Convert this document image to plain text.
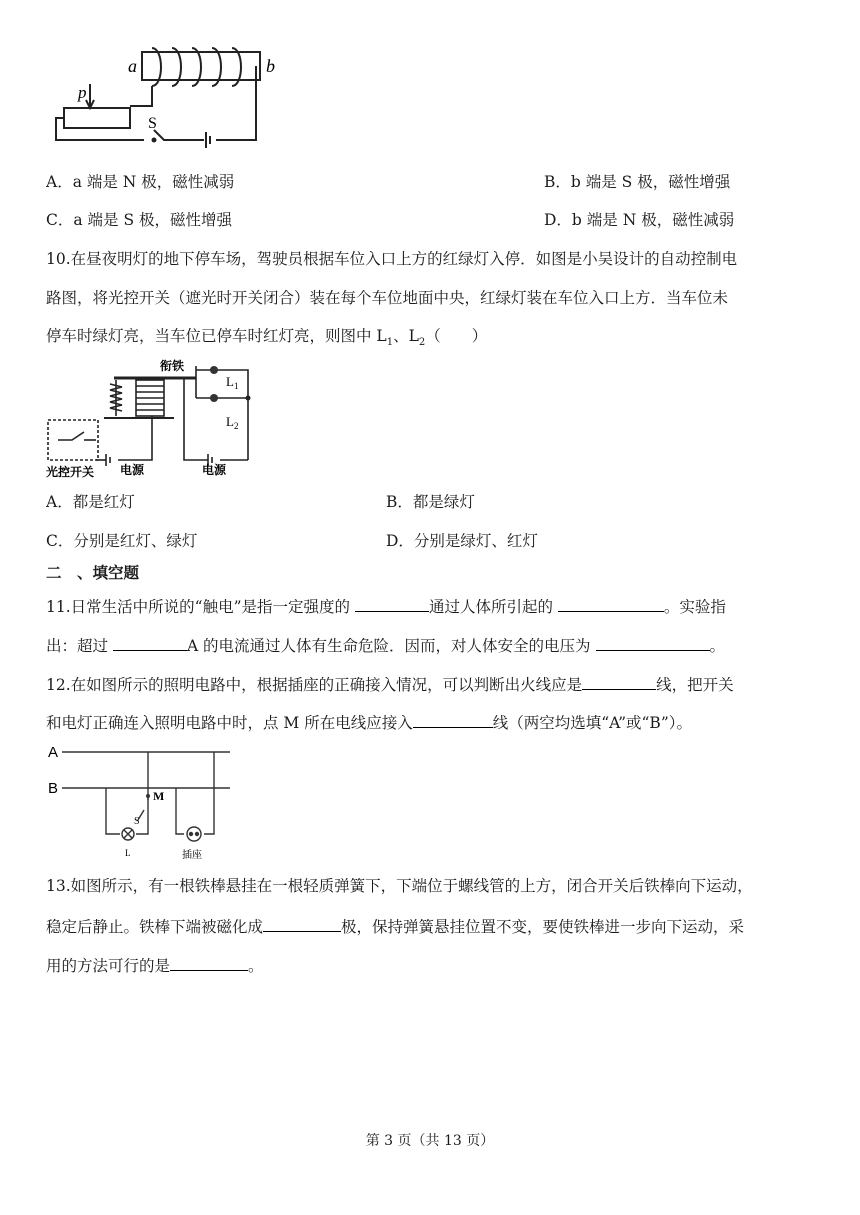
a	b
p
S
A．a 端是 N 极，磁性减弱	B．b 端是 S 极，磁性增强
C．a 端是 S 极，磁性增强	D．b 端是 N 极，磁性减弱
10.在昼夜明灯的地下停车场，驾驶员根据车位入口上方的红绿灯入停．如图是小吴设计的自动控制电
路图，将光控开关（遮光时开关闭合）装在每个车位地面中央，红绿灯装在车位入口上方．当车位未
停车时绿灯亮，当车位已停车时红灯亮，则图中 $L_1$、$L_2$（　　）
衔铁
$L_1$
$L_2$
光控开关 电源	电源
A．都是红灯	B．都是绿灯
C．分别是红灯、绿灯	D．分别是绿灯、红灯
二　、填空题
11.日常生活中所说的“触电”是指一定强度的	通过人体所引起的	。实验指
出：超过	A 的电流通过人体有生命危险．因而，对人体安全的电压为	。
12.在如图所示的照明电路中，根据插座的正确接入情况，可以判断出火线应是	线，把开关
和电灯正确连入照明电路中时，点 M 所在电线应接入	线（两空均选填“A”或“B”）。
A
B	M
S
L	插座
13.如图所示，有一根铁棒悬挂在一根轻质弹簧下，下端位于螺线管的上方，闭合开关后铁棒向下运动，
稳定后静止。铁棒下端被磁化成	极，保持弹簧悬挂位置不变，要使铁棒进一步向下运动，采
用的方法可行的是	。
第 3 页（共 13 页）
